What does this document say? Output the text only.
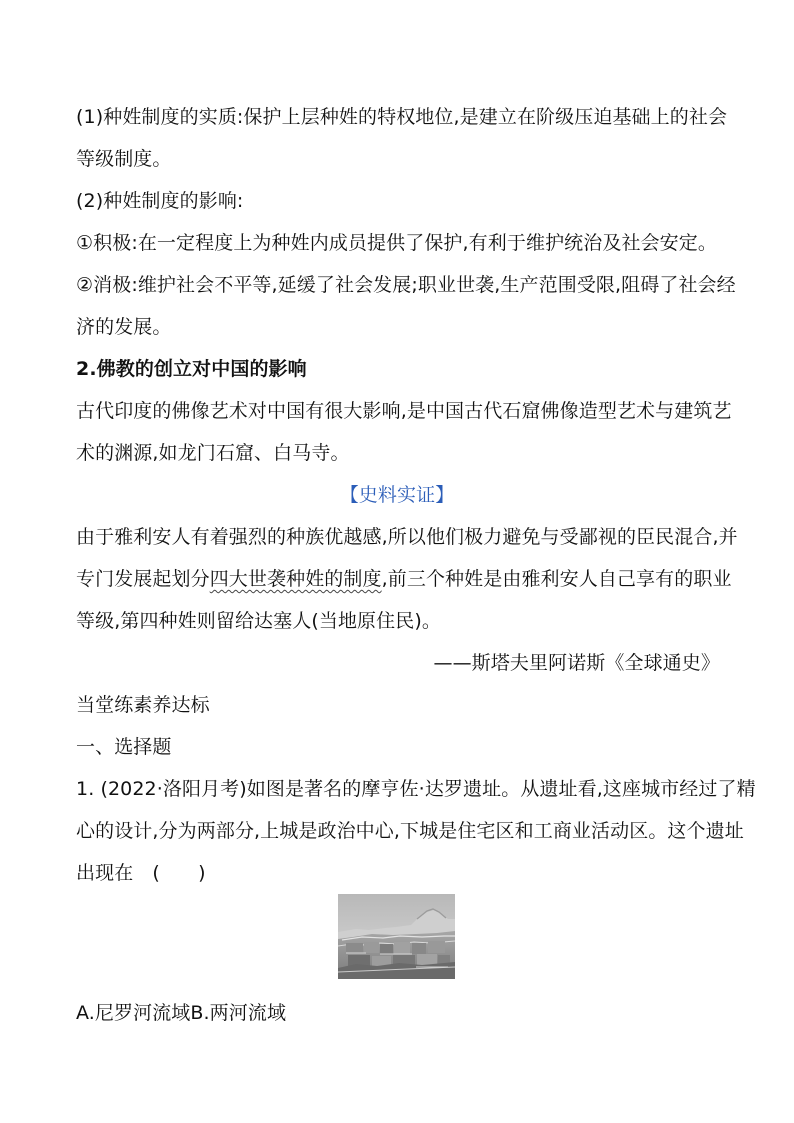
(1)种姓制度的实质:保护上层种姓的特权地位,是建立在阶级压迫基础上的社会
等级制度。
(2)种姓制度的影响:
①积极:在一定程度上为种姓内成员提供了保护,有利于维护统治及社会安定。
②消极:维护社会不平等,延缓了社会发展;职业世袭,生产范围受限,阻碍了社会经
济的发展。
2.佛教的创立对中国的影响
古代印度的佛像艺术对中国有很大影响,是中国古代石窟佛像造型艺术与建筑艺
术的渊源,如龙门石窟、白马寺。
【史料实证】
由于雅利安人有着强烈的种族优越感,所以他们极力避免与受鄙视的臣民混合,并
专门发展起划分四大世袭种姓的制度,前三个种姓是由雅利安人自己享有的职业
等级,第四种姓则留给达塞人(当地原住民)。
——斯塔夫里阿诺斯《全球通史》
当堂练素养达标
一、选择题
1. (2022·洛阳月考)如图是著名的摩亨佐·达罗遗址。从遗址看,这座城市经过了精
心的设计,分为两部分,上城是政治中心,下城是住宅区和工商业活动区。这个遗址
出现在　(　　)
A.尼罗河流域B.两河流域
